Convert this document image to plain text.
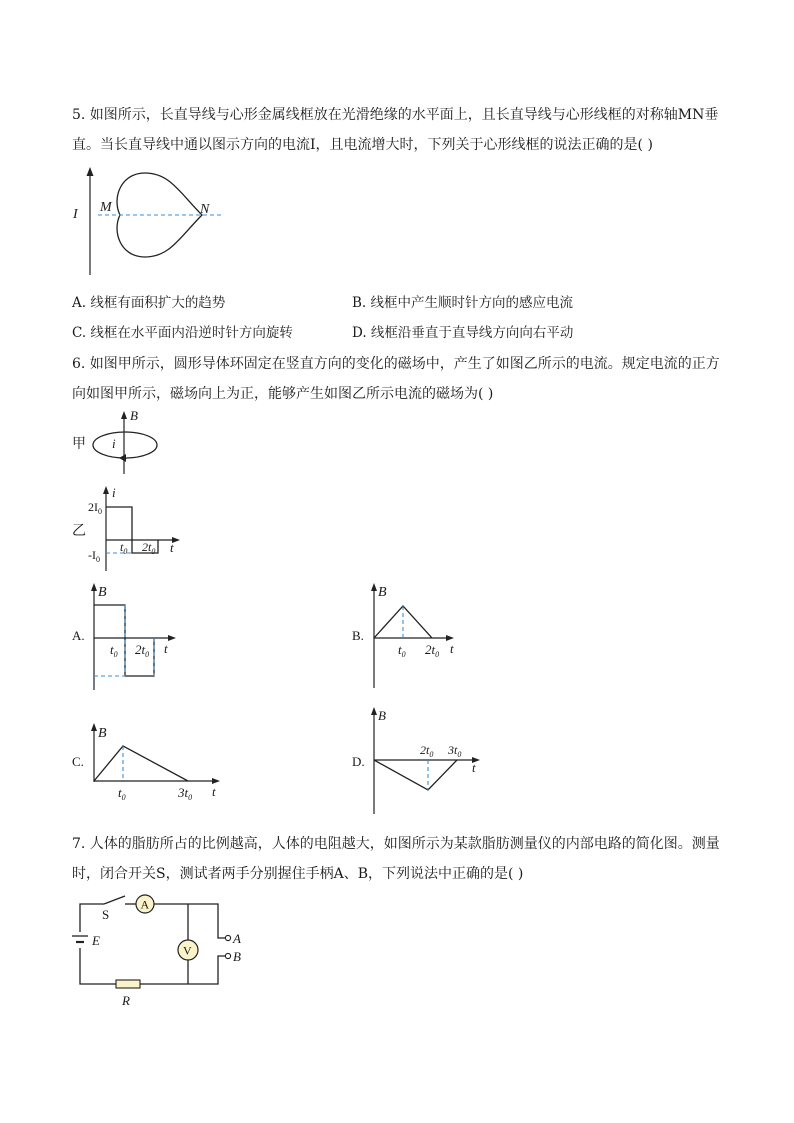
5. 如图所示，长直导线与心形金属线框放在光滑绝缘的水平面上，且长直导线与心形线框的对称轴MN垂
直。当长直导线中通以图示方向的电流I，且电流增大时，下列关于心形线框的说法正确的是( )
I M	N
A. 线框有面积扩大的趋势	B. 线框中产生顺时针方向的感应电流
C. 线框在水平面内沿逆时针方向旋转	D. 线框沿垂直于直导线方向向右平动
6. 如图甲所示，圆形导体环固定在竖直方向的变化的磁场中，产生了如图乙所示的电流。规定电流的正方
向如图甲所示，磁场向上为正，能够产生如图乙所示电流的磁场为( )
甲
B
i
乙
i
t
$2I_0$
$-I_0$
$t_0$ $2t_0$
A.
B
t
$t_0$ $2t_0$
B.
B
t
$t_0$ $2t_0$
C.
B
t
$t_0$	$3t_0$
D.
B
t
$2t_0$ $3t_0$
7. 人体的脂肪所占的比例越高，人体的电阻越大，如图所示为某款脂肪测量仪的内部电路的简化图。测量
时，闭合开关S，测试者两手分别握住手柄A、B，下列说法中正确的是( )
S
A
A
V	B
E
R
